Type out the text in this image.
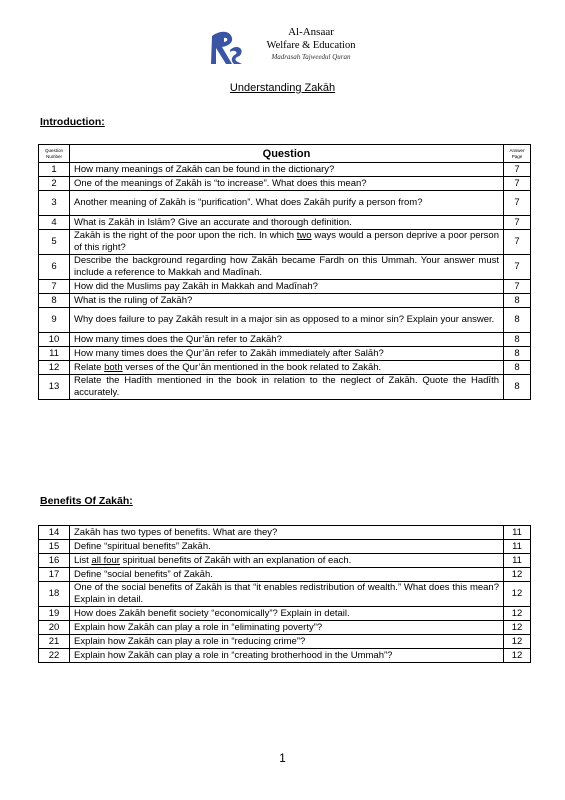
Al-Ansaar
Welfare & Education
Madrasah Tajweedul Quran
Understanding Zakāh
Introduction:
Question Number	Question	Answer Page
1	How many meanings of Zakāh can be found in the dictionary?	7
2	One of the meanings of Zakāh is “to increase”. What does this mean?	7
3	Another meaning of Zakāh is “purification”. What does Zakāh purify a person from?	7
4	What is Zakāh in Islām? Give an accurate and thorough definition.	7
5	Zakāh is the right of the poor upon the rich. In which two ways would a person deprive a poor person of this right?	7
6	Describe the background regarding how Zakāh became Fardh on this Ummah. Your answer must include a reference to Makkah and Madīnah.	7
7	How did the Muslims pay Zakāh in Makkah and Madīnah?	7
8	What is the ruling of Zakāh?	8
9	Why does failure to pay Zakāh result in a major sin as opposed to a minor sin? Explain your answer.	8
10	How many times does the Qur’ān refer to Zakāh?	8
11	How many times does the Qur’ān refer to Zakāh immediately after Salāh?	8
12	Relate both verses of the Qur’ān mentioned in the book related to Zakāh.	8
13	Relate the Hadīth mentioned in the book in relation to the neglect of Zakāh. Quote the Hadīth accurately.	8
Benefits Of Zakāh:
14	Zakāh has two types of benefits. What are they?	11
15	Define “spiritual benefits” Zakāh.	11
16	List all four spiritual benefits of Zakāh with an explanation of each.	11
17	Define “social benefits” of Zakāh.	12
18	One of the social benefits of Zakāh is that “it enables redistribution of wealth.” What does this mean? Explain in detail.	12
19	How does Zakāh benefit society “economically”? Explain in detail.	12
20	Explain how Zakāh can play a role in “eliminating poverty”?	12
21	Explain how Zakāh can play a role in “reducing crime”?	12
22	Explain how Zakāh can play a role in “creating brotherhood in the Ummah”?	12
1
